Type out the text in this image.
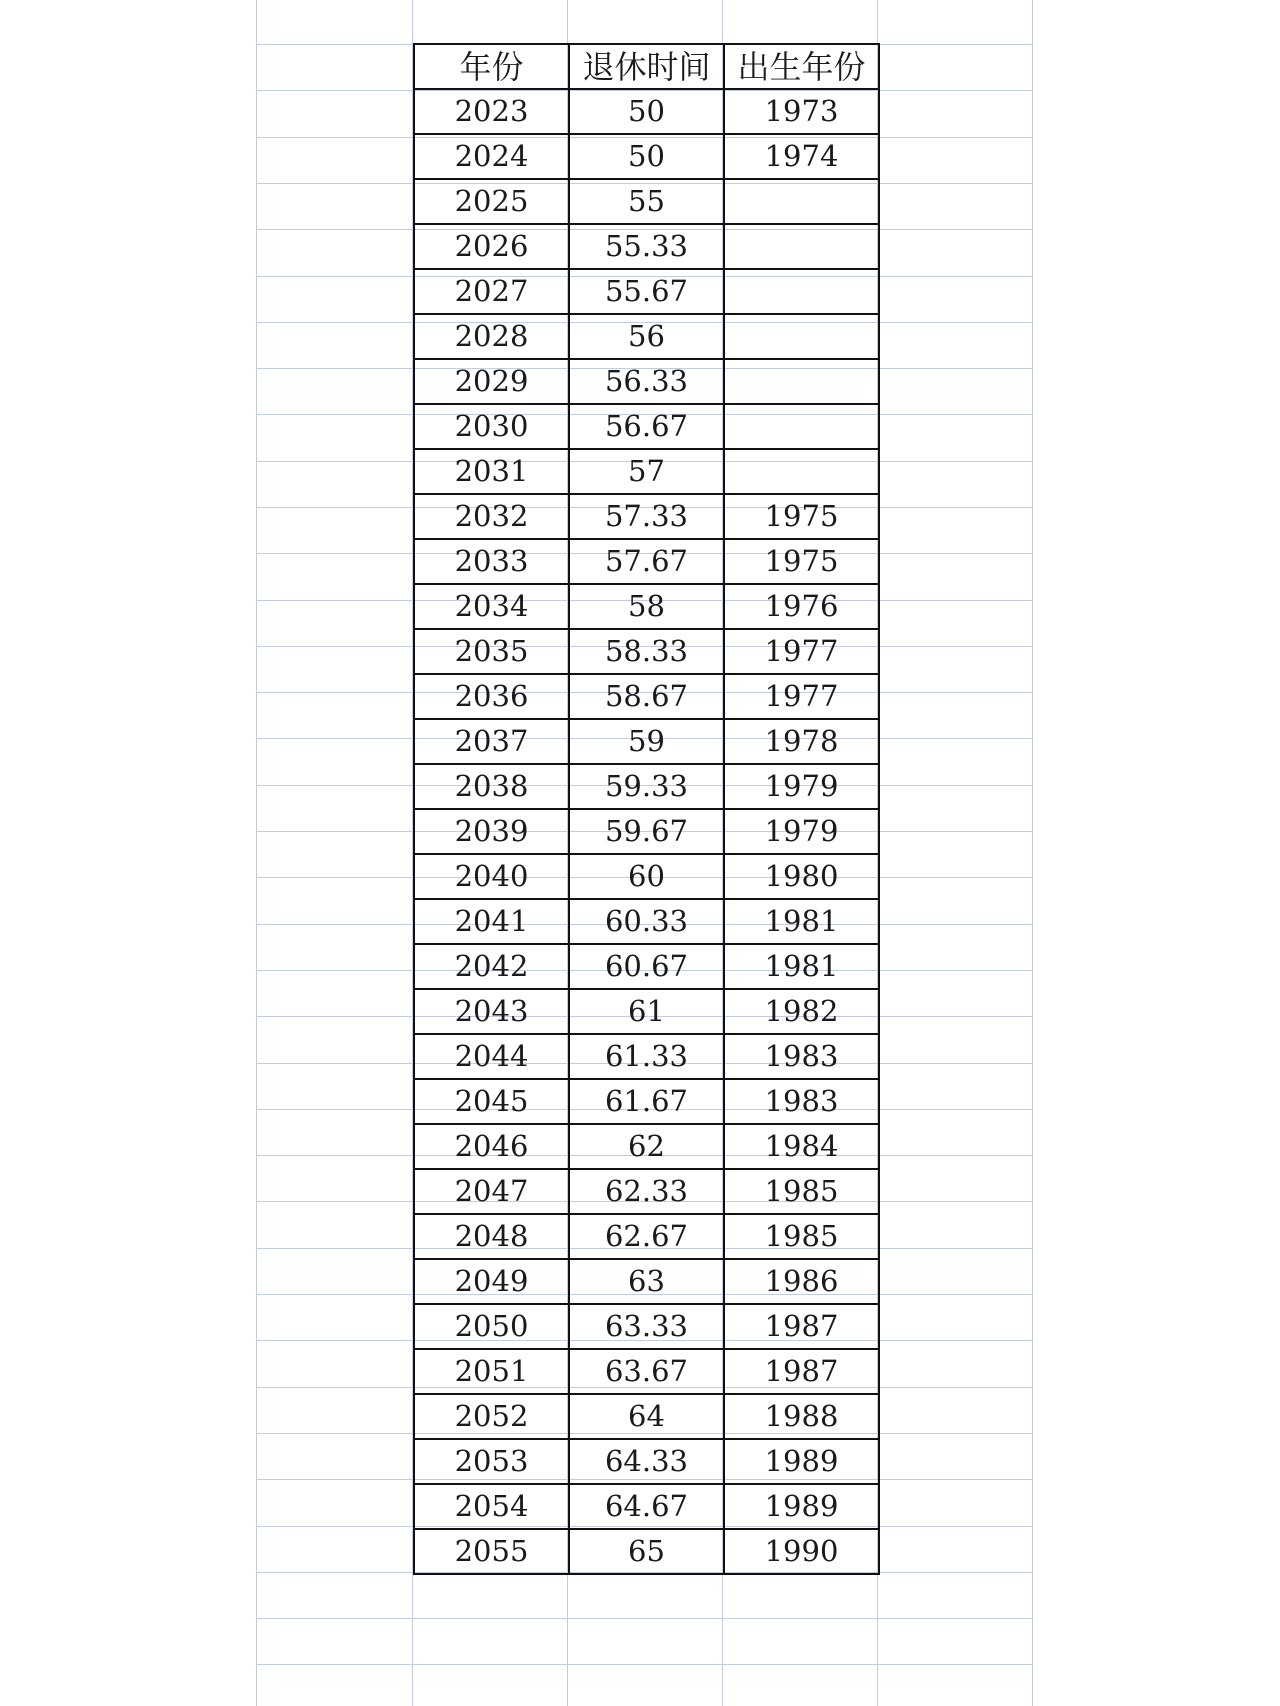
年份	退休时间	出生年份
2023	50	1973
2024	50	1974
2025	55	
2026	55.33	
2027	55.67	
2028	56	
2029	56.33	
2030	56.67	
2031	57	
2032	57.33	1975
2033	57.67	1975
2034	58	1976
2035	58.33	1977
2036	58.67	1977
2037	59	1978
2038	59.33	1979
2039	59.67	1979
2040	60	1980
2041	60.33	1981
2042	60.67	1981
2043	61	1982
2044	61.33	1983
2045	61.67	1983
2046	62	1984
2047	62.33	1985
2048	62.67	1985
2049	63	1986
2050	63.33	1987
2051	63.67	1987
2052	64	1988
2053	64.33	1989
2054	64.67	1989
2055	65	1990
